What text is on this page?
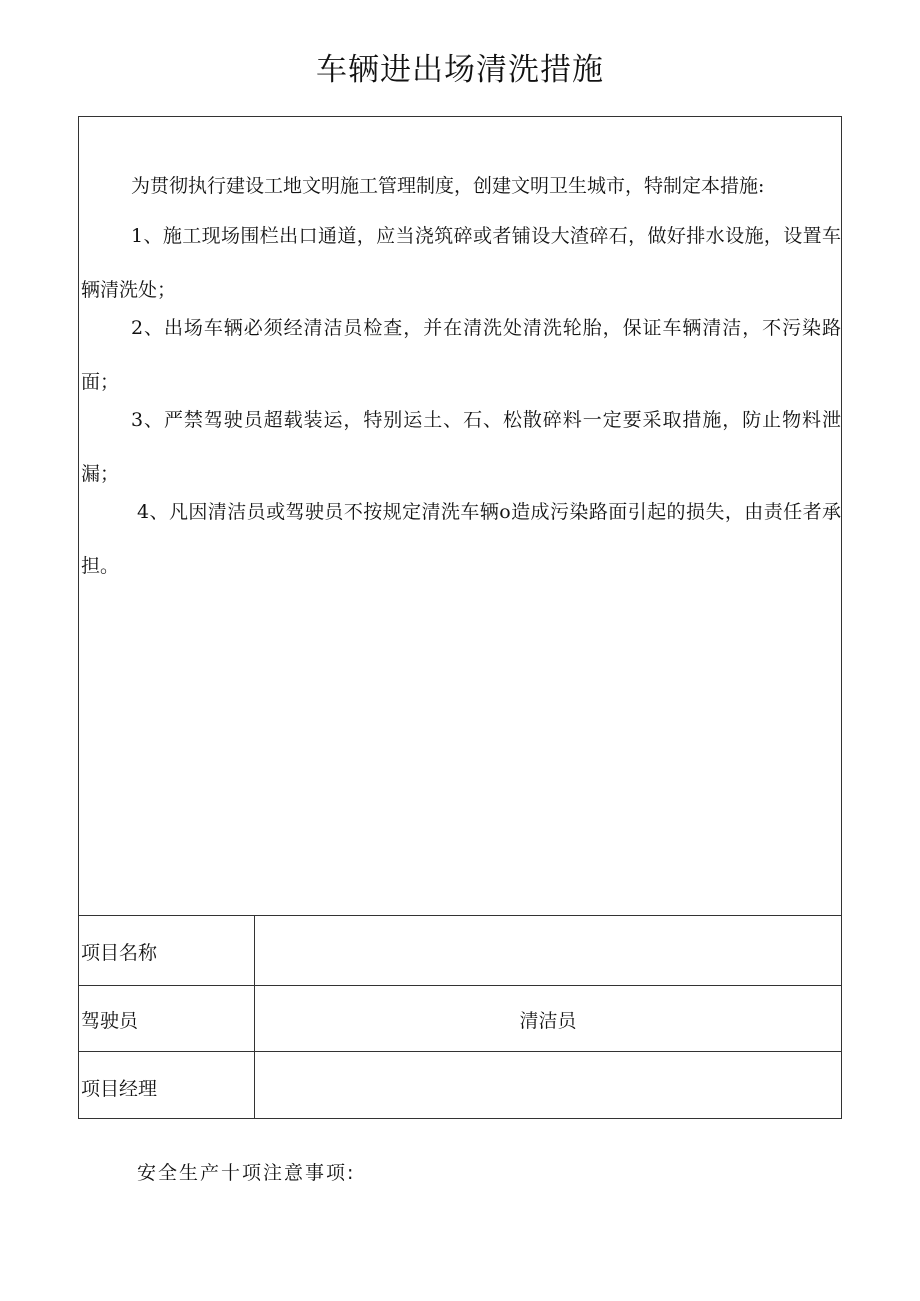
车辆进出场清洗措施

为贯彻执行建设工地文明施工管理制度，创建文明卫生城市，特制定本措施:

1、施工现场围栏出口通道，应当浇筑碎或者铺设大渣碎石，做好排水设施，设置车辆清洗处；

2、出场车辆必须经清洁员检查，并在清洗处清洗轮胎，保证车辆清洁，不污染路面；

3、严禁驾驶员超载装运，特别运土、石、松散碎料一定要采取措施，防止物料泄漏；

4、凡因清洁员或驾驶员不按规定清洗车辆o造成污染路面引起的损失，由责任者承担。

项目名称
驾驶员	清洁员
项目经理
安全生产十项注意事项:
